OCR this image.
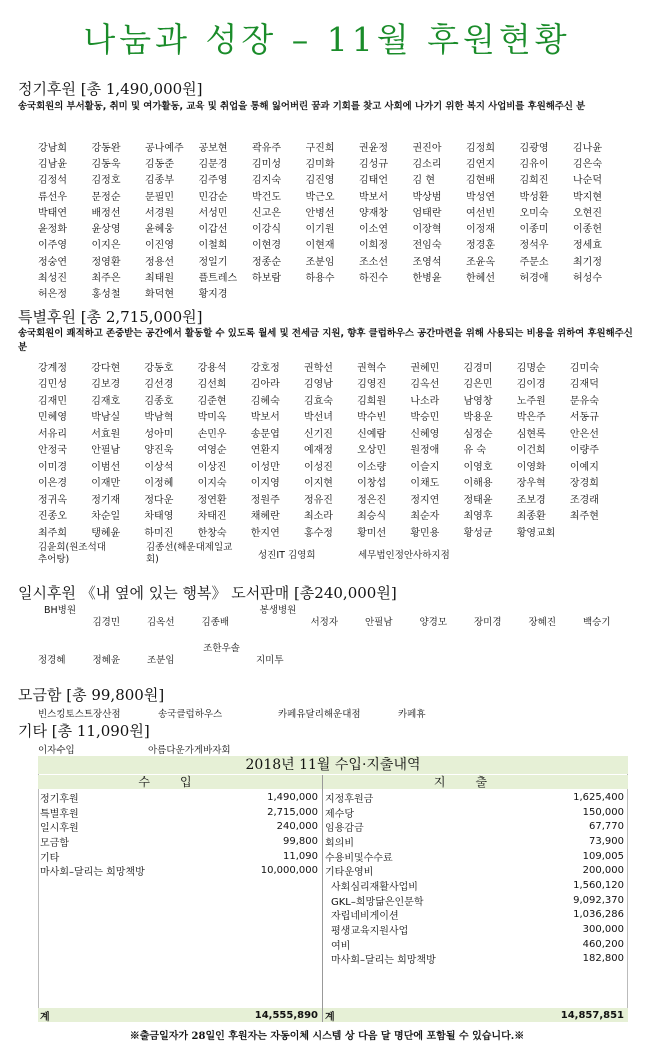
나눔과 성장 – 11월 후원현황
정기후원 [총 1,490,000원]
송국회원의 부서활동, 취미 및 여가활동, 교육 및 취업을 통해 잃어버린 꿈과 기회를 찾고 사회에 나가기 위한 복지 사업비를 후원해주신 분
강남희	강동완	공나예주	공보현	곽유주	구진희	권윤정	권진아	김정희	김광영	김나윤
김남윤	김동욱	김동준	김문경	김미성	김미화	김성규	김소리	김연지	김유이	김은숙
김정석	김정호	김종부	김주영	김지숙	김진영	김태언	김 현	김현배	김희진	나순덕
류선우	문정순	문필민	민감순	박건도	박근오	박보서	박상범	박성연	박성환	박지현
박태연	배정선	서경원	서성민	신고은	안병선	양재창	엄태란	여선빈	오미숙	오현진
윤정화	윤상영	윤혜웅	이갑선	이강식	이기원	이소연	이장혁	이정재	이종미	이종헌
이주영	이지은	이진영	이철희	이현경	이현재	이희정	전임숙	정경훈	정석우	정세효
정숭연	정영환	정용선	정일기	정종순	조분임	조소선	조영석	조윤옥	주문소	최기정
최성진	최주은	최태원	플트레스	하보람	하용수	하진수	한병윤	한혜선	허경애	허성수
허은정	홍성철	화덕현	황지경
특별후원 [총 2,715,000원]
송국회원이 쾌적하고 존중받는 공간에서 활동할 수 있도록 월세 및 전세금 지원, 향후 클럽하우스 공간마련을 위해 사용되는 비용을 위하여 후원해주신 분
강계정	강다현	강동호	강용석	강호정	권학선	권혁수	권혜민	김경미	김명순	김미숙
김민성	김보경	김선경	김선희	김아라	김영남	김영진	김옥선	김은민	김이경	김재덕
김재민	김재호	김종호	김준현	김혜숙	김효숙	김희원	나소라	남영창	노주원	문유숙
민혜영	박남실	박남혁	박미옥	박보서	박선녀	박수빈	박승민	박용운	박은주	서동규
서유리	서효원	성아미	손민우	송문엽	신기진	신예람	신혜영	심정순	심현록	안은선
안정국	안필남	양진욱	여영순	연환지	예재정	오상민	원정애	유 숙	이건희	이량주
이미경	이범선	이상석	이상진	이성만	이성진	이소량	이슬지	이영호	이영화	이예지
이은경	이재만	이정혜	이지숙	이지영	이지현	이창섭	이채도	이해용	장우혁	장경희
정귀옥	정기재	정다운	정연환	정원주	정유진	정은진	정지연	정태윤	조보경	조경래
진종오	차순일	차태영	차태진	채혜란	최소라	최승식	최순자	최영후	최종환	최주현
최주희	탱혜윤	하미진	한창숙	한지연	홍수정	황미선	황민용	황성균	황영교회
김윤희(원조석대추어탕)
김종선(해운대제일교회)	성진IT 김영희	세무법인정안사하지점
일시후원 《내 옆에 있는 행복》 도서판매 [총240,000원]
BH병원
김경민	김옥선	김종배
봉생병원
서정자	안필남	양경모	장미경	장혜진	백승기
정경혜	정혜윤	조분임
조한우솔
지미투
모금함 [총 99,800원]
빈스킹토스트장산점	송국클럽하우스	카페유달리해운대점	카페휴
기타 [총 11,090원]
이자수입	아름다운가게바자회
2018년 11월 수입·지출내역
수입	지출
정기후원	1,490,000
특별후원	2,715,000
일시후원	240,000
모금함	99,800
기타	11,090
마사회–달리는 희망책방	10,000,000
지정후원금	1,625,400
제수당	150,000
임용감금	67,770
회의비	73,900
수용비및수수료	109,005
기타운영비	200,000
사회심리재활사업비	1,560,120
GKL–희망닮은인문학	9,092,370
자립네비게이션	1,036,286
평생교육지원사업	300,000
여비	460,200
마사회–달리는 희망책방	182,800
계	14,555,890 계	14,857,851
※출금일자가 28일인 후원자는 자동이체 시스템 상 다음 달 명단에 포함될 수 있습니다.※
